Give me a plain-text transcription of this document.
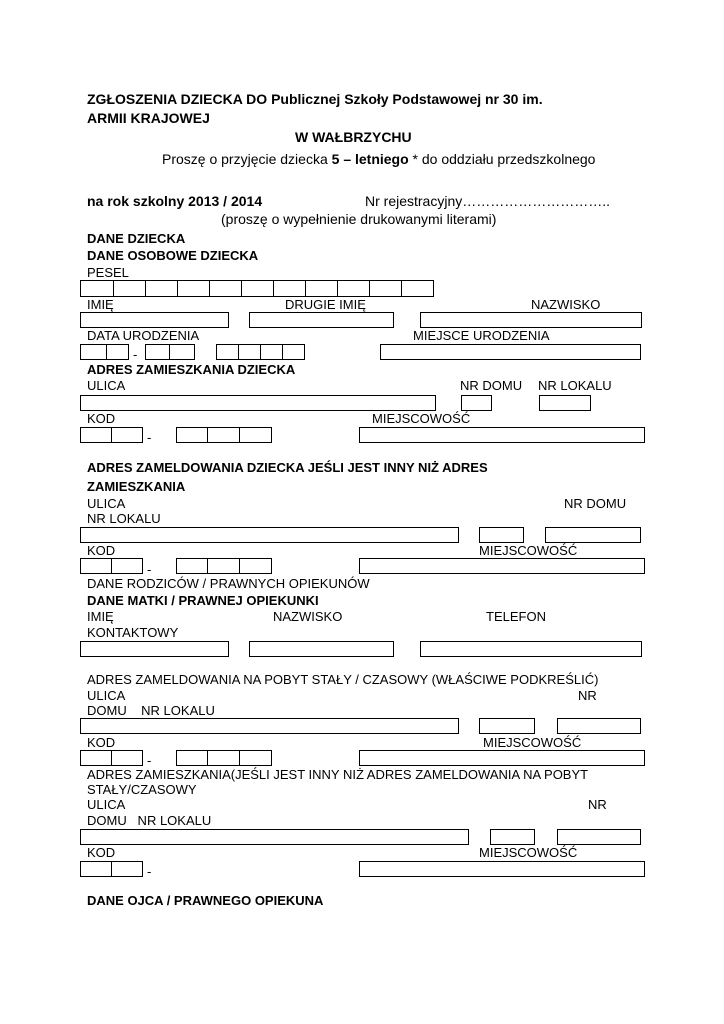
ZGŁOSZENIA DZIECKA DO Publicznej Szkoły Podstawowej nr 30 im.
ARMII KRAJOWEJ
W WAŁBRZYCHU
Proszę o przyjęcie dziecka 5 – letniego * do oddziału przedszkolnego
na rok szkolny 2013 / 2014	Nr rejestracyjny…………………………..
(proszę o wypełnienie drukowanymi literami)
DANE DZIECKA
DANE OSOBOWE DZIECKA
PESEL
IMIĘ	DRUGIE IMIĘ	NAZWISKO
DATA URODZENIA	MIEJSCE URODZENIA
-
ADRES ZAMIESZKANIA DZIECKA
ULICA	NR DOMU NR LOKALU
KOD	MIEJSCOWOŚĆ
-
ADRES ZAMELDOWANIA DZIECKA JEŚLI JEST INNY NIŻ ADRES
ZAMIESZKANIA
ULICA	NR DOMU
NR LOKALU
KOD	MIEJSCOWOŚĆ
-
DANE RODZICÓW / PRAWNYCH OPIEKUNÓW
DANE MATKI / PRAWNEJ OPIEKUNKI
IMIĘ	NAZWISKO	TELEFON
KONTAKTOWY
ADRES ZAMELDOWANIA NA POBYT STAŁY / CZASOWY (WŁAŚCIWE PODKREŚLIĆ)
ULICA	NR
DOMU    NR LOKALU
KOD	MIEJSCOWOŚĆ
-
ADRES ZAMIESZKANIA(JEŚLI JEST INNY NIŻ ADRES ZAMELDOWANIA NA POBYT
STAŁY/CZASOWY
ULICA	NR
DOMU   NR LOKALU
KOD	MIEJSCOWOŚĆ
-
DANE OJCA / PRAWNEGO OPIEKUNA
